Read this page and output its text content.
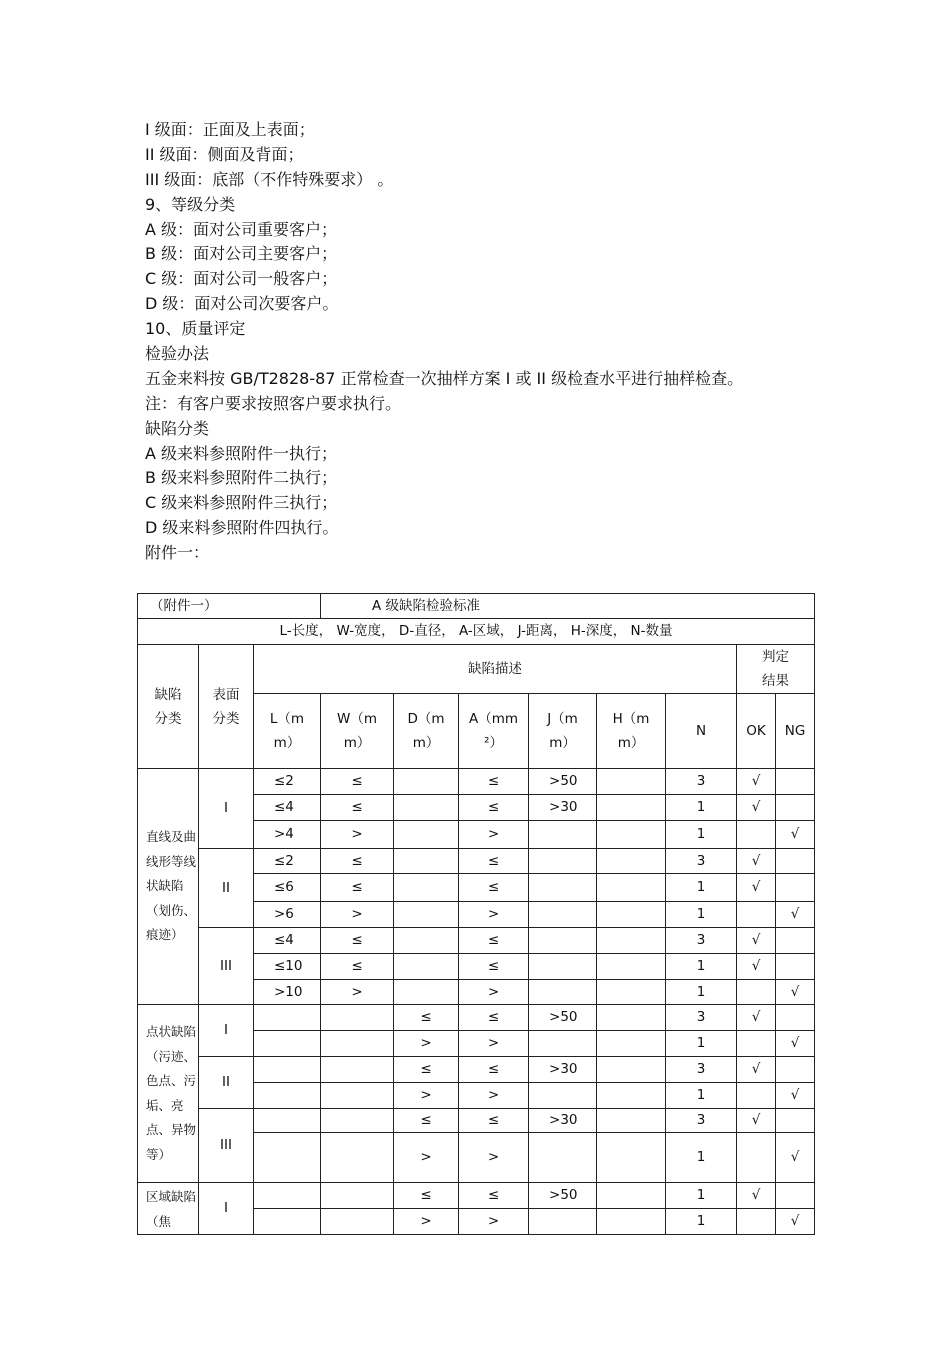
I 级面：正面及上表面；
II 级面：侧面及背面；
III 级面：底部（不作特殊要求） 。
9、等级分类
A 级：面对公司重要客户；
B 级：面对公司主要客户；
C 级：面对公司一般客户；
D 级：面对公司次要客户。
10、质量评定
检验办法
五金来料按 GB/T2828-87 正常检查一次抽样方案 I 或 II 级检查水平进行抽样检查。
注：有客户要求按照客户要求执行。
缺陷分类
A 级来料参照附件一执行；
B 级来料参照附件二执行；
C 级来料参照附件三执行；
D 级来料参照附件四执行。
附件一：
（附件一）			A 级缺陷检验标准							
L-长度， W-宽度， D-直径， A-区域， J-距离， H-深度， N-数量										
缺陷分类	表面分类	缺陷描述							判定结果	
		L（mm）	W（mm）	D（mm）	A（mm²）	J（mm）	H（mm）	N	OK	NG
直线及曲线形等线状缺陷（划伤、痕迹）	I	≤2	≤		≤	>50		3	√	
		≤4	≤		≤	>30		1	√	
		>4	>		>			1		√
	II	≤2	≤		≤			3	√	
		≤6	≤		≤			1	√	
		>6	>		>			1		√
	III	≤4	≤		≤			3	√	
		≤10	≤		≤			1	√	
		>10	>		>			1		√
点状缺陷（污迹、色点、污垢、亮点、异物等）	I			≤	≤	>50		3	√	
				>	>			1		√
	II			≤	≤	>30		3	√	
				>	>			1		√
	III			≤	≤	>30		3	√	
				>	>			1		√
区域缺陷（焦	I			≤	≤	>50		1	√	
				>	>			1		√
